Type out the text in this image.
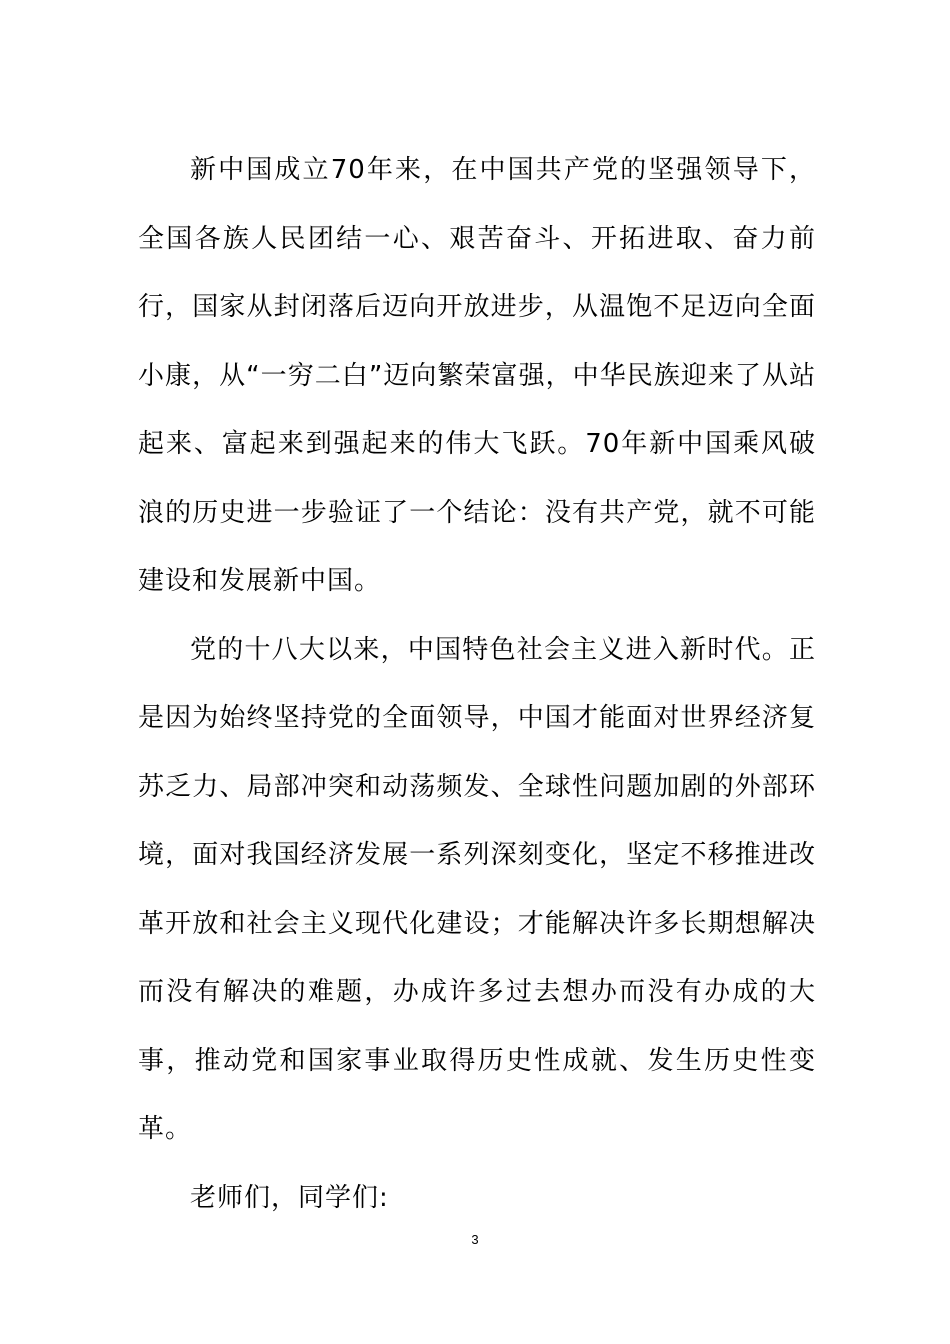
新中国成立70年来，在中国共产党的坚强领导下，全国各族人民团结一心、艰苦奋斗、开拓进取、奋力前行，国家从封闭落后迈向开放进步，从温饱不足迈向全面小康，从“一穷二白”迈向繁荣富强，中华民族迎来了从站起来、富起来到强起来的伟大飞跃。70年新中国乘风破浪的历史进一步验证了一个结论：没有共产党，就不可能建设和发展新中国。

党的十八大以来，中国特色社会主义进入新时代。正是因为始终坚持党的全面领导，中国才能面对世界经济复苏乏力、局部冲突和动荡频发、全球性问题加剧的外部环境，面对我国经济发展一系列深刻变化，坚定不移推进改革开放和社会主义现代化建设；才能解决许多长期想解决而没有解决的难题，办成许多过去想办而没有办成的大事，推动党和国家事业取得历史性成就、发生历史性变革。

老师们，同学们:

3
